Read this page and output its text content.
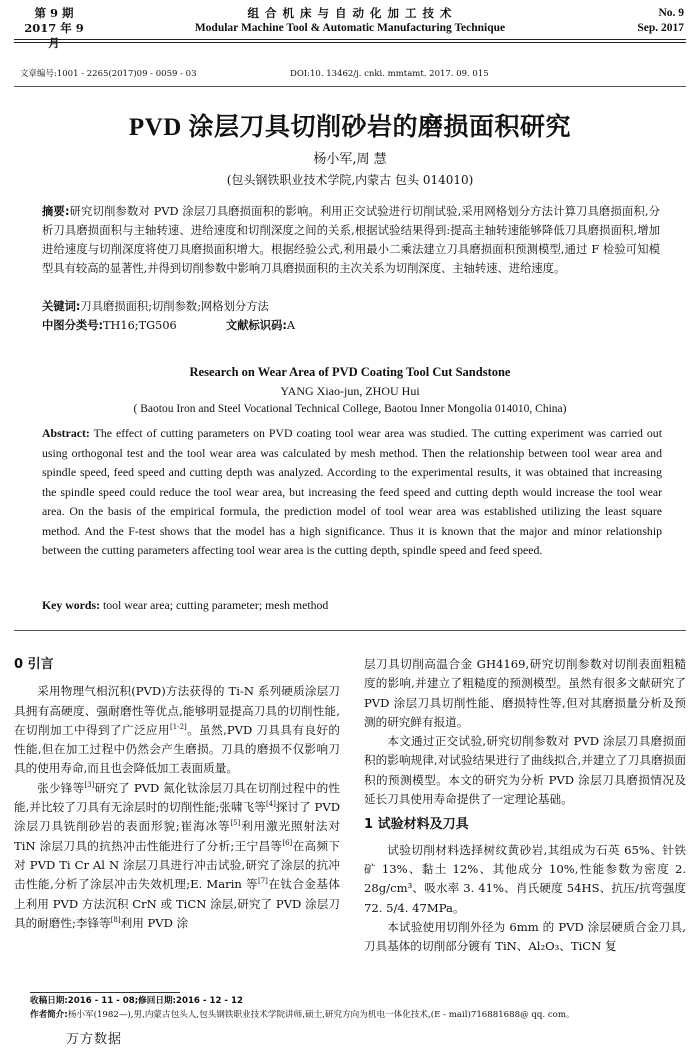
第 9 期
2017 年 9 月
组 合 机 床 与 自 动 化 加 工 技 术
Modular Machine Tool & Automatic Manufacturing Technique
No. 9
Sep. 2017
文章编号:1001 - 2265(2017)09 - 0059 - 03	DOI:10. 13462/j. cnki. mmtamt. 2017. 09. 015
PVD 涂层刀具切削砂岩的磨损面积研究
杨小军,周 慧
(包头钢铁职业技术学院,内蒙古 包头 014010)
摘要:研究切削参数对 PVD 涂层刀具磨损面积的影响。利用正交试验进行切削试验,采用网格划分方法计算刀具磨损面积,分析刀具磨损面积与主轴转速、进给速度和切削深度之间的关系,根据试验结果得到:提高主轴转速能够降低刀具磨损面积,增加进给速度与切削深度将使刀具磨损面积增大。根据经验公式,利用最小二乘法建立刀具磨损面积预测模型,通过 F 检验可知模型具有较高的显著性,并得到切削参数中影响刀具磨损面积的主次关系为切削深度、主轴转速、进给速度。
关键词:刀具磨损面积;切削参数;网格划分方法
中图分类号:TH16;TG506	文献标识码:A
Research on Wear Area of PVD Coating Tool Cut Sandstone
YANG Xiao-jun, ZHOU Hui
( Baotou Iron and Steel Vocational Technical College, Baotou Inner Mongolia 014010, China)
Abstract: The effect of cutting parameters on PVD coating tool wear area was studied. The cutting experiment was carried out using orthogonal test and the tool wear area was calculated by mesh method. Then the relationship between tool wear area and spindle speed, feed speed and cutting depth was analyzed. According to the experimental results, it was obtained that increasing the spindle speed could reduce the tool wear area, but increasing the feed speed and cutting depth would increase the tool wear area. On the basis of the empirical formula, the prediction model of tool wear area was established utilizing the least square method. And the F-test shows that the model has a high significance. Thus it is known that the major and minor relationship between the cutting parameters affecting tool wear area is the cutting depth, spindle speed and feed speed.
Key words: tool wear area; cutting parameter; mesh method
0 引言

采用物理气相沉积(PVD)方法获得的 Ti-N 系列硬质涂层刀具拥有高硬度、强耐磨性等优点,能够明显提高刀具的切削性能,在切削加工中得到了广泛应用[1-2]。虽然,PVD 刀具具有良好的性能,但在加工过程中仍然会产生磨损。刀具的磨损不仅影响刀具的使用寿命,而且也会降低加工表面质量。

张少锋等[3]研究了 PVD 氮化钛涂层刀具在切削过程中的性能,并比较了刀具有无涂层时的切削性能;张啸飞等[4]探讨了 PVD 涂层刀具铣削砂岩的表面形貌;崔海冰等[5]利用激光照射法对 TiN 涂层刀具的抗热冲击性能进行了分析;王宁昌等[6]在高频下对 PVD Ti Cr Al N 涂层刀具进行冲击试验,研究了涂层的抗冲击性能,分析了涂层冲击失效机理;E. Marin 等[7]在钛合金基体上利用 PVD 方法沉积 CrN 或 TiCN 涂层,研究了 PVD 涂层刀具的耐磨性;李锋等[8]利用 PVD 涂

层刀具切削高温合金 GH4169,研究切削参数对切削表面粗糙度的影响,并建立了粗糙度的预测模型。虽然有很多文献研究了 PVD 涂层刀具切削性能、磨损特性等,但对其磨损量分析及预测的研究鲜有报道。

本文通过正交试验,研究切削参数对 PVD 涂层刀具磨损面积的影响规律,对试验结果进行了曲线拟合,并建立了刀具磨损面积的预测模型。本文的研究为分析 PVD 涂层刀具磨损情况及延长刀具使用寿命提供了一定理论基础。

1 试验材料及刀具

试验切削材料选择树纹黄砂岩,其组成为石英 65%、针铁矿 13%、黏土 12%、其他成分 10%,性能参数为密度 2. 28g/cm³、吸水率 3. 41%、肖氏硬度 54HS、抗压/抗弯强度 72. 5/4. 47MPa。

本试验使用切削外径为 6mm 的 PVD 涂层硬质合金刀具,刀具基体的切削部分镀有 TiN、Al₂O₃、TiCN 复

收稿日期:2016 - 11 - 08;修回日期:2016 - 12 - 12
作者简介:杨小军(1982—),男,内蒙古包头人,包头钢铁职业技术学院讲师,硕士,研究方向为机电一体化技术,(E - mail)716881688@ qq. com。
万方数据
